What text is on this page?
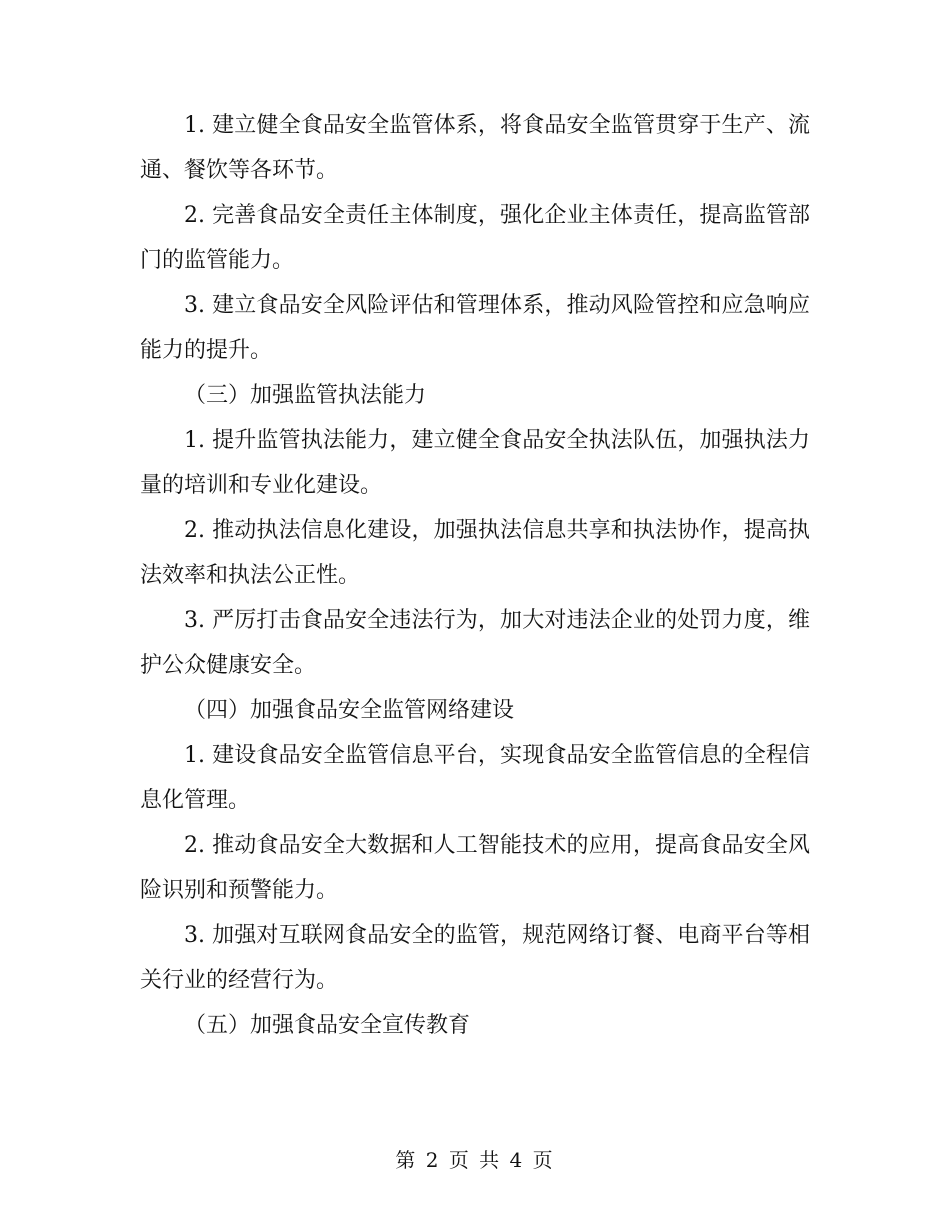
1. 建立健全食品安全监管体系，将食品安全监管贯穿于生产、流通、餐饮等各环节。

2. 完善食品安全责任主体制度，强化企业主体责任，提高监管部门的监管能力。

3. 建立食品安全风险评估和管理体系，推动风险管控和应急响应能力的提升。

（三）加强监管执法能力

1. 提升监管执法能力，建立健全食品安全执法队伍，加强执法力量的培训和专业化建设。

2. 推动执法信息化建设，加强执法信息共享和执法协作，提高执法效率和执法公正性。

3. 严厉打击食品安全违法行为，加大对违法企业的处罚力度，维护公众健康安全。

（四）加强食品安全监管网络建设

1. 建设食品安全监管信息平台，实现食品安全监管信息的全程信息化管理。

2. 推动食品安全大数据和人工智能技术的应用，提高食品安全风险识别和预警能力。

3. 加强对互联网食品安全的监管，规范网络订餐、电商平台等相关行业的经营行为。

（五）加强食品安全宣传教育

第 2 页 共 4 页
